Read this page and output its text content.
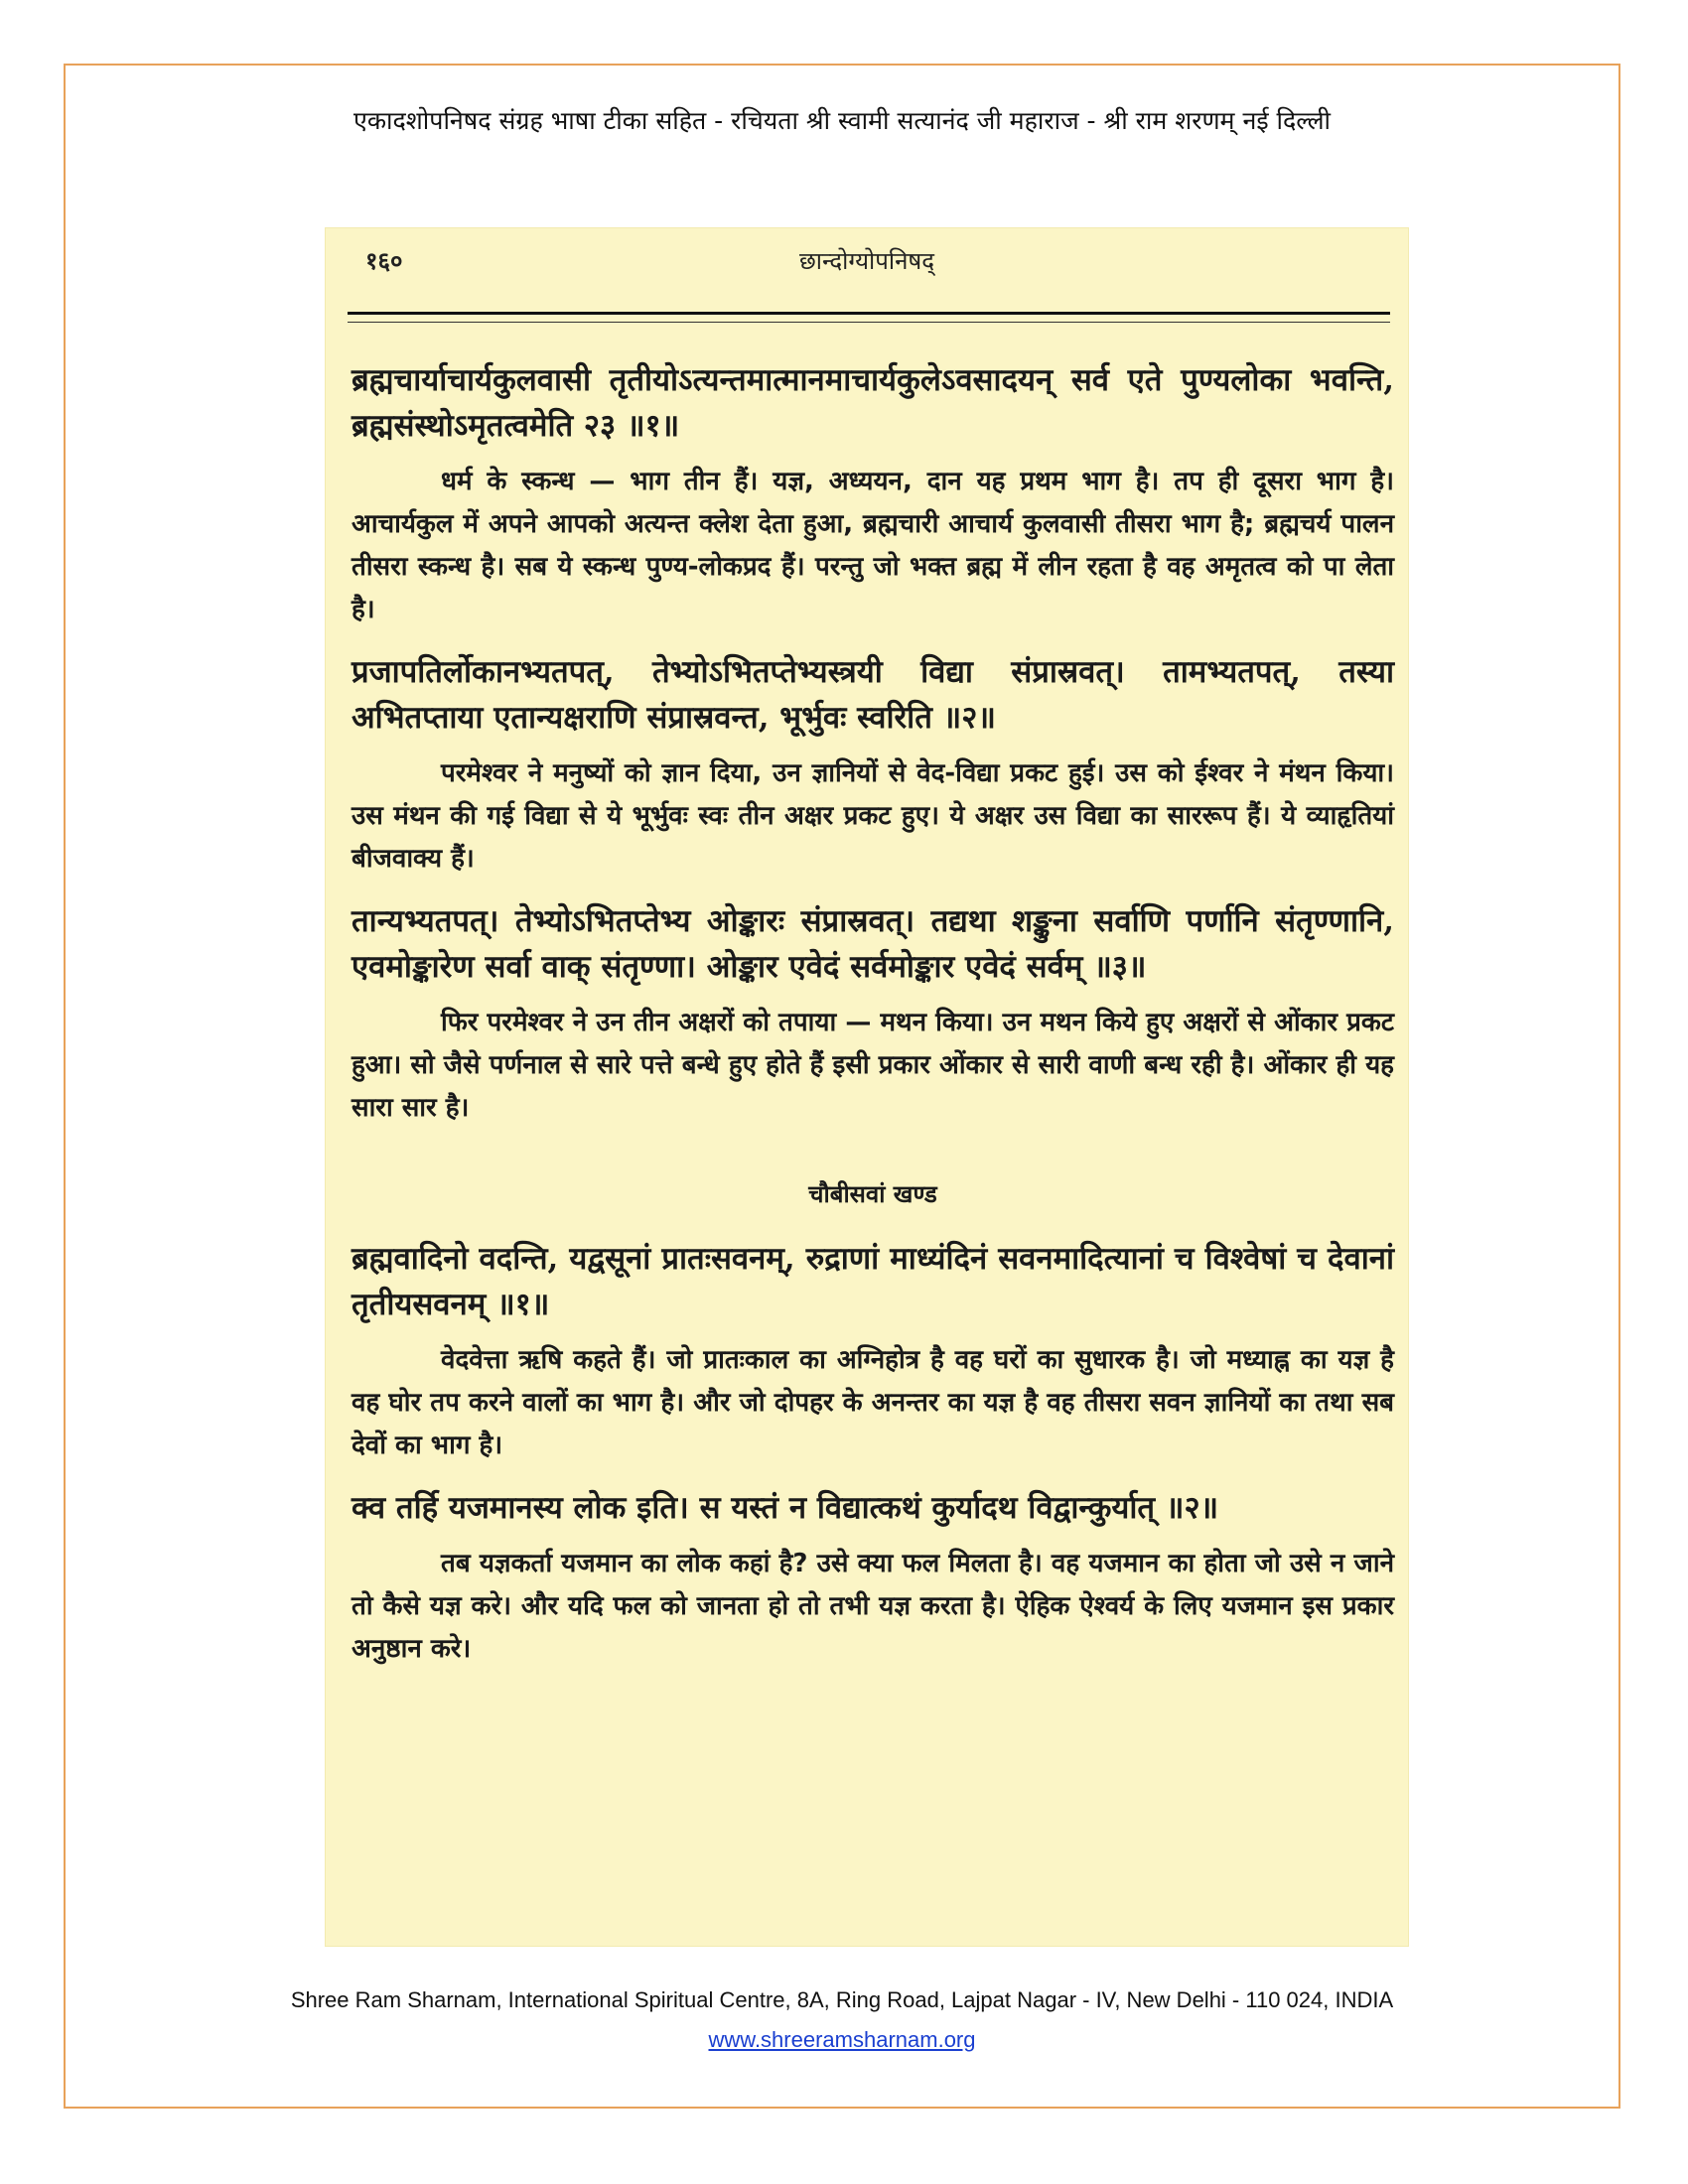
एकादशोपनिषद संग्रह भाषा टीका सहित - रचियता श्री स्वामी सत्यानंद जी महाराज - श्री राम शरणम् नई दिल्ली
१६०	छान्दोग्योपनिषद्

ब्रह्मचार्याचार्यकुलवासी तृतीयोऽत्यन्तमात्मानमाचार्यकुलेऽवसादयन् सर्व एते पुण्यलोका भवन्ति, ब्रह्मसंस्थोऽमृतत्वमेति २३ ॥१॥

धर्म के स्कन्ध — भाग तीन हैं। यज्ञ, अध्ययन, दान यह प्रथम भाग है। तप ही दूसरा भाग है। आचार्यकुल में अपने आपको अत्यन्त क्लेश देता हुआ, ब्रह्मचारी आचार्य कुलवासी तीसरा भाग है; ब्रह्मचर्य पालन तीसरा स्कन्ध है। सब ये स्कन्ध पुण्य-लोकप्रद हैं। परन्तु जो भक्त ब्रह्म में लीन रहता है वह अमृतत्व को पा लेता है।

प्रजापतिर्लोकानभ्यतपत्, तेभ्योऽभितप्तेभ्यस्त्रयी विद्या संप्रास्रवत्। तामभ्यतपत्, तस्या अभितप्ताया एतान्यक्षराणि संप्रास्रवन्त, भूर्भुवः स्वरिति ॥२॥

परमेश्वर ने मनुष्यों को ज्ञान दिया, उन ज्ञानियों से वेद-विद्या प्रकट हुई। उस को ईश्वर ने मंथन किया। उस मंथन की गई विद्या से ये भूर्भुवः स्वः तीन अक्षर प्रकट हुए। ये अक्षर उस विद्या का साररूप हैं। ये व्याहृतियां बीजवाक्य हैं।

तान्यभ्यतपत्। तेभ्योऽभितप्तेभ्य ओङ्कारः संप्रास्रवत्। तद्यथा शङ्कुना सर्वाणि पर्णानि संतृण्णानि, एवमोङ्कारेण सर्वा वाक् संतृण्णा। ओङ्कार एवेदं सर्वमोङ्कार एवेदं सर्वम् ॥३॥

फिर परमेश्वर ने उन तीन अक्षरों को तपाया — मथन किया। उन मथन किये हुए अक्षरों से ओंकार प्रकट हुआ। सो जैसे पर्णनाल से सारे पत्ते बन्धे हुए होते हैं इसी प्रकार ओंकार से सारी वाणी बन्ध रही है। ओंकार ही यह सारा सार है।

चौबीसवां खण्ड

ब्रह्मवादिनो वदन्ति, यद्वसूनां प्रातःसवनम्, रुद्राणां माध्यंदिनं सवनमादित्यानां च विश्वेषां च देवानां तृतीयसवनम् ॥१॥

वेदवेत्ता ऋषि कहते हैं। जो प्रातःकाल का अग्निहोत्र है वह घरों का सुधारक है। जो मध्याह्न का यज्ञ है वह घोर तप करने वालों का भाग है। और जो दोपहर के अनन्तर का यज्ञ है वह तीसरा सवन ज्ञानियों का तथा सब देवों का भाग है।

क्व तर्हि यजमानस्य लोक इति। स यस्तं न विद्यात्कथं कुर्यादथ विद्वान्कुर्यात् ॥२॥

तब यज्ञकर्ता यजमान का लोक कहां है? उसे क्या फल मिलता है। वह यजमान का होता जो उसे न जाने तो कैसे यज्ञ करे। और यदि फल को जानता हो तो तभी यज्ञ करता है। ऐहिक ऐश्वर्य के लिए यजमान इस प्रकार अनुष्ठान करे।

Shree Ram Sharnam, International Spiritual Centre, 8A, Ring Road, Lajpat Nagar - IV, New Delhi - 110 024, INDIA
www.shreeramsharnam.org
